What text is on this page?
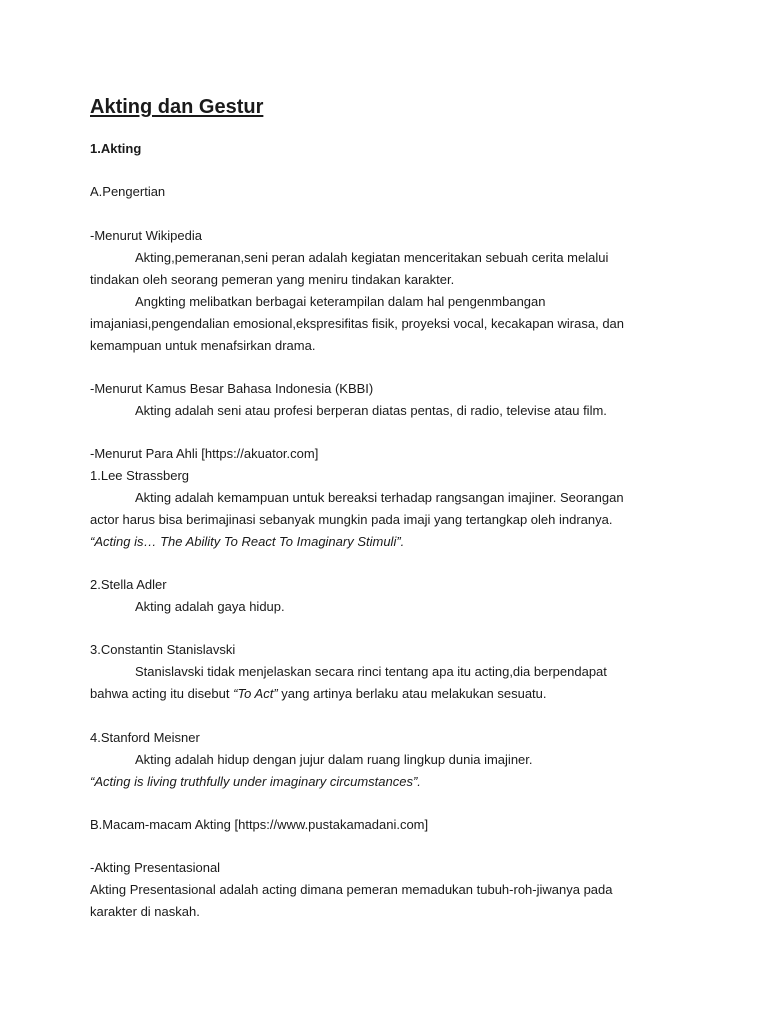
Akting dan Gestur
1.Akting
A.Pengertian
-Menurut Wikipedia
Akting,pemeranan,seni peran adalah kegiatan menceritakan sebuah cerita melalui
tindakan oleh seorang pemeran yang meniru tindakan karakter.
Angkting melibatkan berbagai keterampilan dalam hal pengenmbangan
imajaniasi,pengendalian emosional,ekspresifitas fisik, proyeksi vocal, kecakapan wirasa, dan
kemampuan untuk menafsirkan drama.
-Menurut Kamus Besar Bahasa Indonesia (KBBI)
Akting adalah seni atau profesi berperan diatas pentas, di radio, televise atau film.
-Menurut Para Ahli [https://akuator.com]
1.Lee Strassberg
Akting adalah kemampuan untuk bereaksi terhadap rangsangan imajiner. Seorangan
actor harus bisa berimajinasi sebanyak mungkin pada imaji yang tertangkap oleh indranya.
“Acting is… The Ability To React To Imaginary Stimuli”.
2.Stella Adler
Akting adalah gaya hidup.
3.Constantin Stanislavski
Stanislavski tidak menjelaskan secara rinci tentang apa itu acting,dia berpendapat
bahwa acting itu disebut “To Act” yang artinya berlaku atau melakukan sesuatu.
4.Stanford Meisner
Akting adalah hidup dengan jujur dalam ruang lingkup dunia imajiner.
“Acting is living truthfully under imaginary circumstances”.
B.Macam-macam Akting [https://www.pustakamadani.com]
-Akting Presentasional
Akting Presentasional adalah acting dimana pemeran memadukan tubuh-roh-jiwanya pada
karakter di naskah.
